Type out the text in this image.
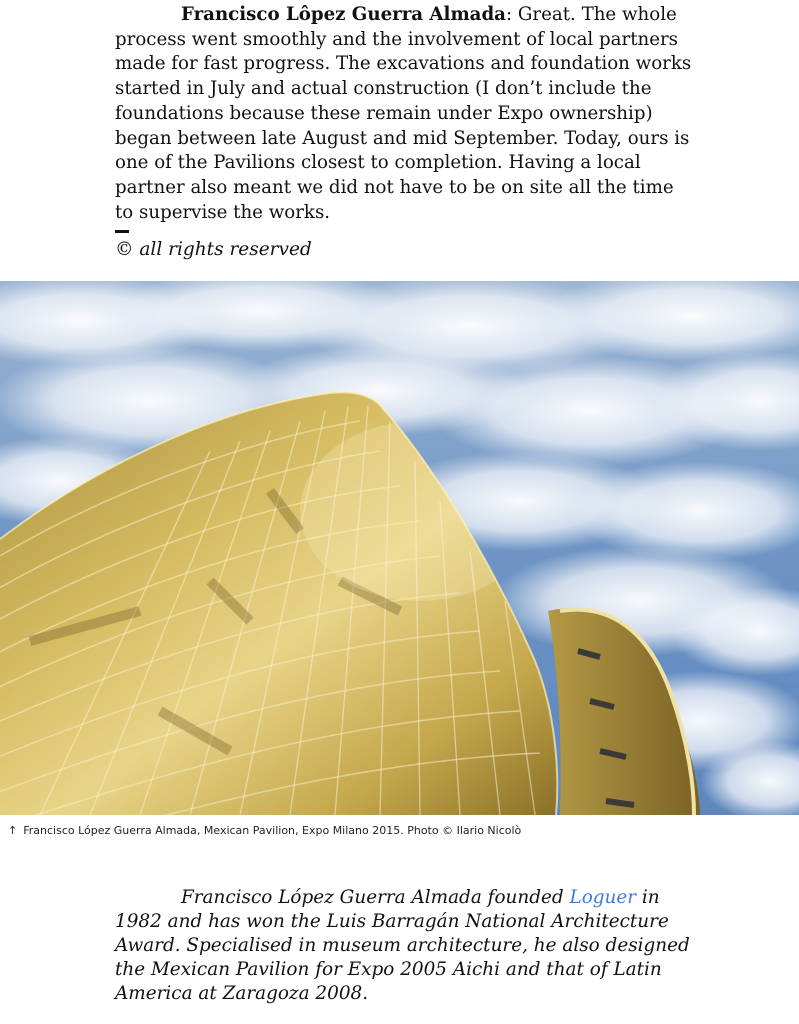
Francisco Lôpez Guerra Almada: Great. The whole process went smoothly and the involvement of local partners made for fast progress. The excavations and foundation works started in July and actual construction (I don’t include the foundations because these remain under Expo ownership) began between late August and mid September. Today, ours is one of the Pavilions closest to completion. Having a local partner also meant we did not have to be on site all the time to supervise the works.

© all rights reserved

↑ Francisco López Guerra Almada, Mexican Pavilion, Expo Milano 2015. Photo © Ilario Nicolò

Francisco López Guerra Almada founded Loguer in 1982 and has won the Luis Barragán National Architecture Award. Specialised in museum architecture, he also designed the Mexican Pavilion for Expo 2005 Aichi and that of Latin America at Zaragoza 2008.
